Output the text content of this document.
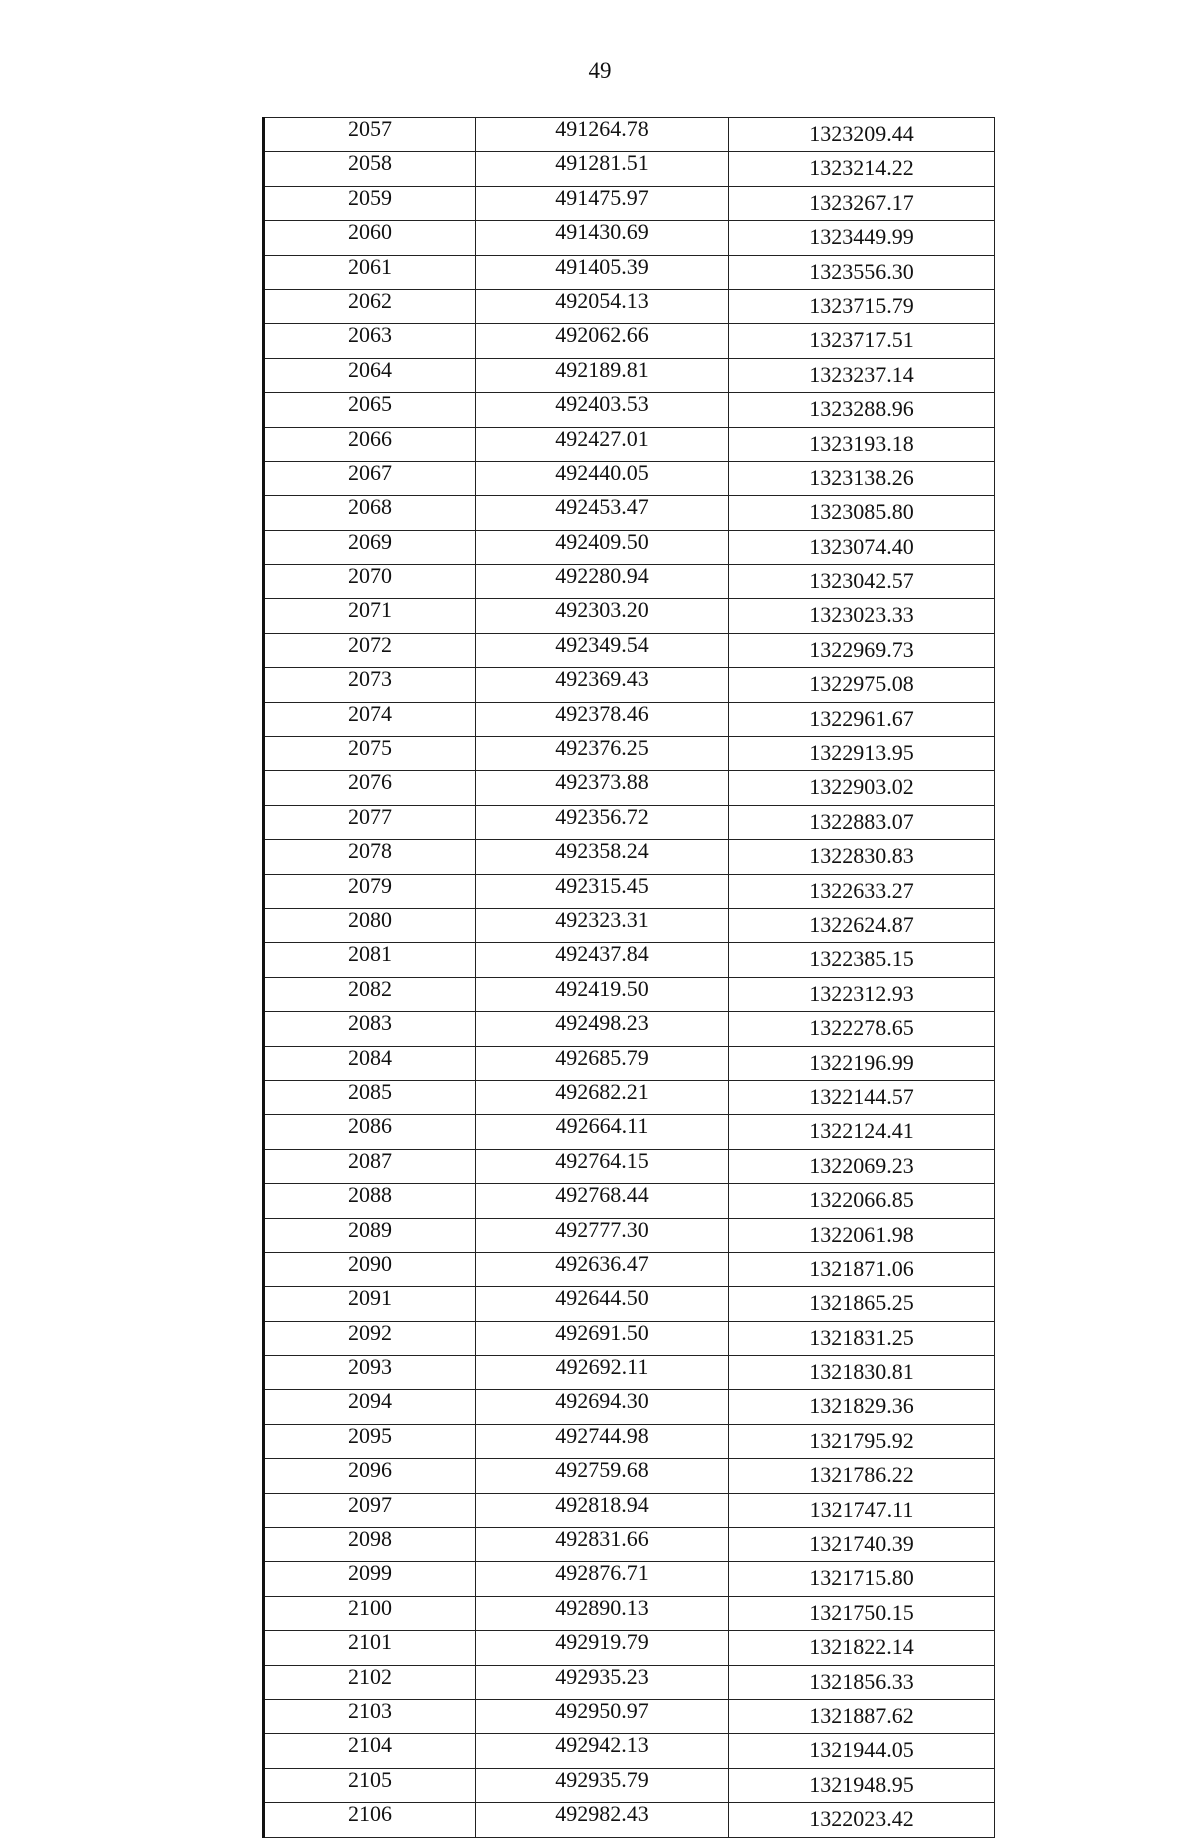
49
2057	491264.78	1323209.44
2058	491281.51	1323214.22
2059	491475.97	1323267.17
2060	491430.69	1323449.99
2061	491405.39	1323556.30
2062	492054.13	1323715.79
2063	492062.66	1323717.51
2064	492189.81	1323237.14
2065	492403.53	1323288.96
2066	492427.01	1323193.18
2067	492440.05	1323138.26
2068	492453.47	1323085.80
2069	492409.50	1323074.40
2070	492280.94	1323042.57
2071	492303.20	1323023.33
2072	492349.54	1322969.73
2073	492369.43	1322975.08
2074	492378.46	1322961.67
2075	492376.25	1322913.95
2076	492373.88	1322903.02
2077	492356.72	1322883.07
2078	492358.24	1322830.83
2079	492315.45	1322633.27
2080	492323.31	1322624.87
2081	492437.84	1322385.15
2082	492419.50	1322312.93
2083	492498.23	1322278.65
2084	492685.79	1322196.99
2085	492682.21	1322144.57
2086	492664.11	1322124.41
2087	492764.15	1322069.23
2088	492768.44	1322066.85
2089	492777.30	1322061.98
2090	492636.47	1321871.06
2091	492644.50	1321865.25
2092	492691.50	1321831.25
2093	492692.11	1321830.81
2094	492694.30	1321829.36
2095	492744.98	1321795.92
2096	492759.68	1321786.22
2097	492818.94	1321747.11
2098	492831.66	1321740.39
2099	492876.71	1321715.80
2100	492890.13	1321750.15
2101	492919.79	1321822.14
2102	492935.23	1321856.33
2103	492950.97	1321887.62
2104	492942.13	1321944.05
2105	492935.79	1321948.95
2106	492982.43	1322023.42
